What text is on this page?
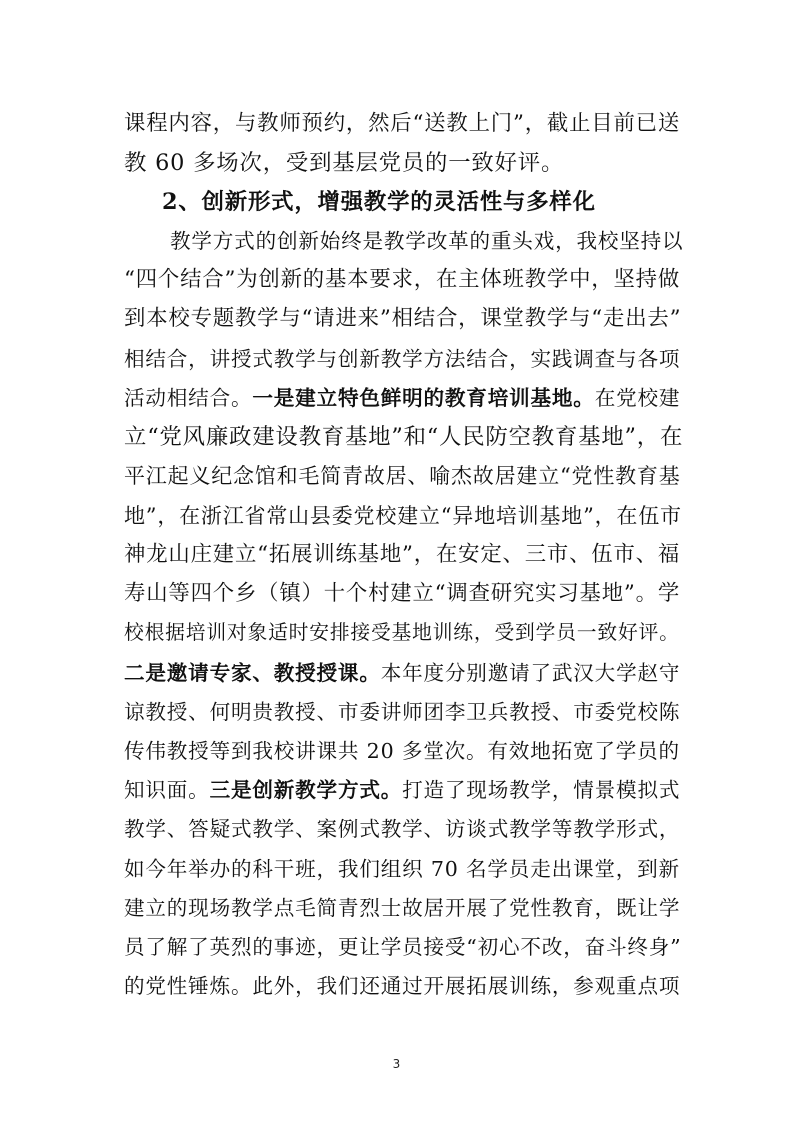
课程内容，与教师预约，然后“送教上门”，截止目前已送
教 60 多场次，受到基层党员的一致好评。
2、创新形式，增强教学的灵活性与多样化
教学方式的创新始终是教学改革的重头戏，我校坚持以
“四个结合”为创新的基本要求，在主体班教学中，坚持做
到本校专题教学与“请进来”相结合，课堂教学与“走出去”
相结合，讲授式教学与创新教学方法结合，实践调查与各项
活动相结合。一是建立特色鲜明的教育培训基地。在党校建
立“党风廉政建设教育基地”和“人民防空教育基地”，在
平江起义纪念馆和毛简青故居、喻杰故居建立“党性教育基
地”，在浙江省常山县委党校建立“异地培训基地”，在伍市
神龙山庄建立“拓展训练基地”，在安定、三市、伍市、福
寿山等四个乡（镇）十个村建立“调查研究实习基地”。学
校根据培训对象适时安排接受基地训练，受到学员一致好评。
二是邀请专家、教授授课。本年度分别邀请了武汉大学赵守
谅教授、何明贵教授、市委讲师团李卫兵教授、市委党校陈
传伟教授等到我校讲课共 20 多堂次。有效地拓宽了学员的
知识面。三是创新教学方式。打造了现场教学，情景模拟式
教学、答疑式教学、案例式教学、访谈式教学等教学形式，
如今年举办的科干班，我们组织 70 名学员走出课堂，到新
建立的现场教学点毛简青烈士故居开展了党性教育，既让学
员了解了英烈的事迹，更让学员接受“初心不改，奋斗终身”
的党性锤炼。此外，我们还通过开展拓展训练，参观重点项
3
